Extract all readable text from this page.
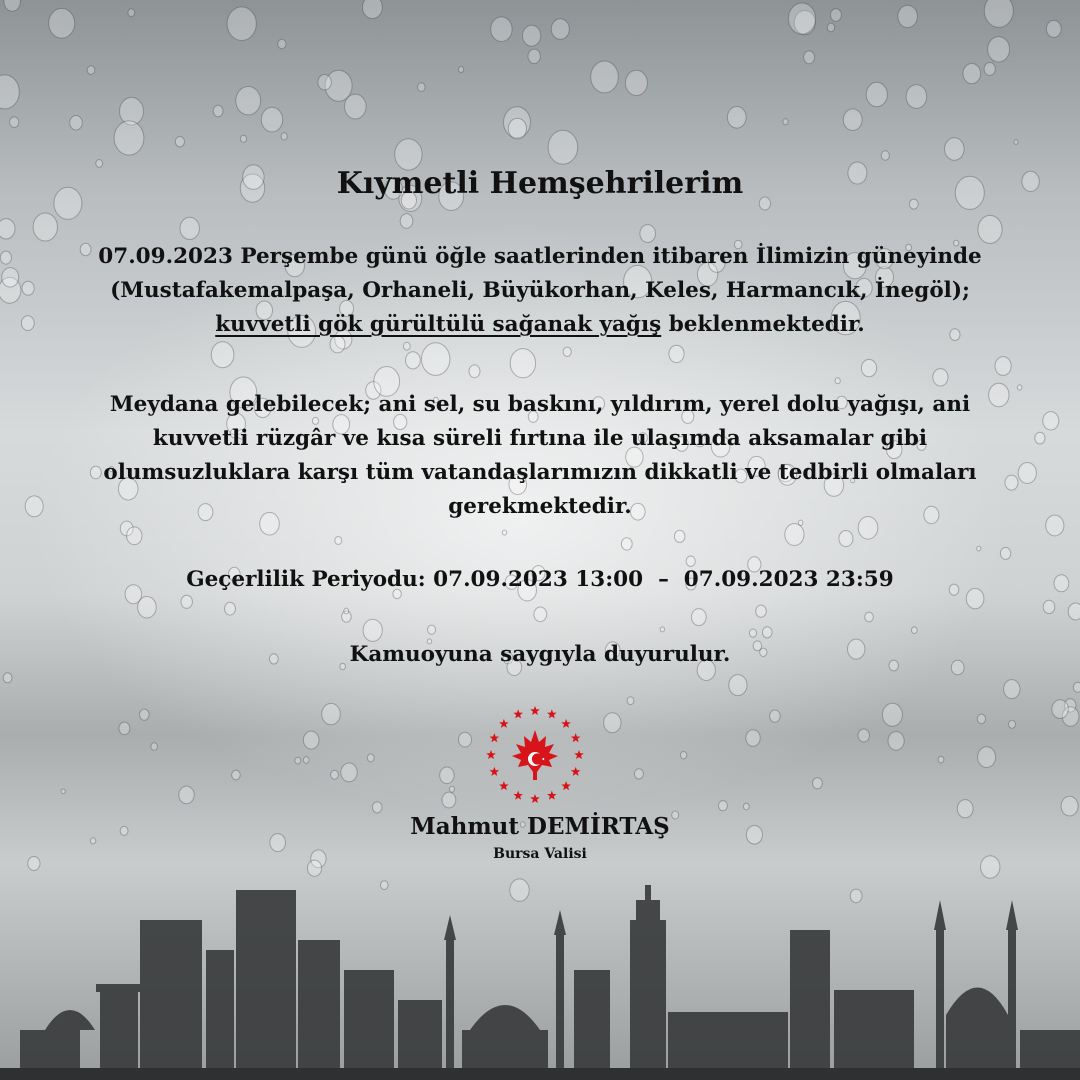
Kıymetli Hemşehrilerim
07.09.2023 Perşembe günü öğle saatlerinden itibaren İlimizin güneyinde
(Mustafakemalpaşa, Orhaneli, Büyükorhan, Keles, Harmancık, İnegöl);
kuvvetli gök gürültülü sağanak yağış beklenmektedir.
Meydana gelebilecek; ani sel, su baskını, yıldırım, yerel dolu yağışı, ani
kuvvetli rüzgâr ve kısa süreli fırtına ile ulaşımda aksamalar gibi
olumsuzluklara karşı tüm vatandaşlarımızın dikkatli ve tedbirli olmaları
gerekmektedir.
Geçerlilik Periyodu: 07.09.2023 13:00 – 07.09.2023 23:59
Kamuoyuna saygıyla duyurulur.
Mahmut DEMİRTAŞ
Bursa Valisi
